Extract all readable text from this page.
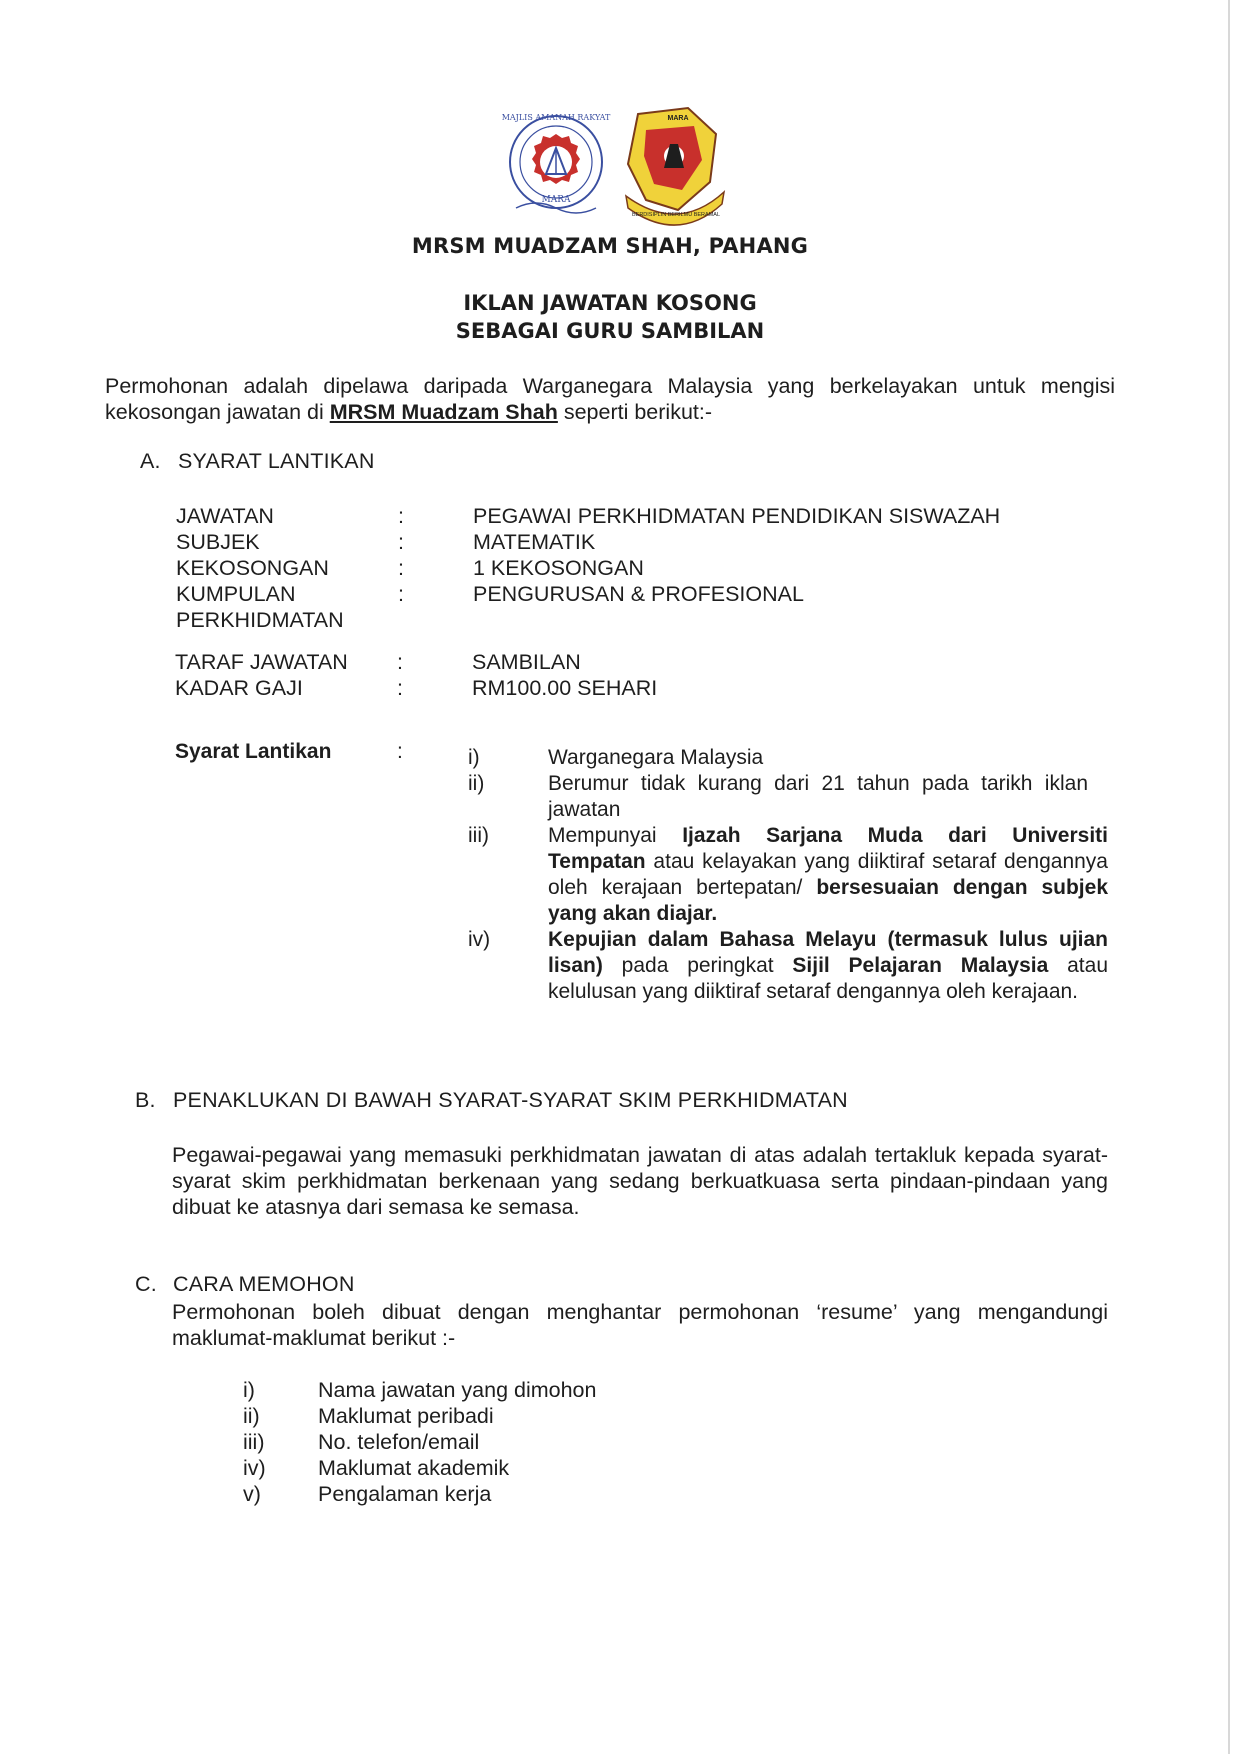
MAJLIS AMANAH RAKYAT
MARA
MARA
BERDISIPLIN BERILMU BERAMAL
MRSM MUADZAM SHAH, PAHANG
IKLAN JAWATAN KOSONG
SEBAGAI GURU SAMBILAN
Permohonan adalah dipelawa daripada Warganegara Malaysia yang berkelayakan untuk mengisi kekosongan jawatan di MRSM Muadzam Shah seperti berikut:-
A. SYARAT LANTIKAN
JAWATAN	:	PEGAWAI PERKHIDMATAN PENDIDIKAN SISWAZAH
SUBJEK	:	MATEMATIK
KEKOSONGAN	:	1 KEKOSONGAN
KUMPULAN	:	PENGURUSAN & PROFESIONAL
PERKHIDMATAN
TARAF JAWATAN	:	SAMBILAN
KADAR GAJI	:	RM100.00 SEHARI
Syarat Lantikan	:	i)	Warganegara Malaysia
ii)	Berumur tidak kurang dari 21 tahun pada tarikh iklan jawatan
iii)	Mempunyai Ijazah Sarjana Muda dari Universiti Tempatan atau kelayakan yang diiktiraf setaraf dengannya oleh kerajaan bertepatan/ bersesuaian dengan subjek yang akan diajar.
iv)	Kepujian dalam Bahasa Melayu (termasuk lulus ujian lisan) pada peringkat Sijil Pelajaran Malaysia atau kelulusan yang diiktiraf setaraf dengannya oleh kerajaan.
B. PENAKLUKAN DI BAWAH SYARAT-SYARAT SKIM PERKHIDMATAN
Pegawai-pegawai yang memasuki perkhidmatan jawatan di atas adalah tertakluk kepada syarat-syarat skim perkhidmatan berkenaan yang sedang berkuatkuasa serta pindaan-pindaan yang dibuat ke atasnya dari semasa ke semasa.
C. CARA MEMOHON
Permohonan boleh dibuat dengan menghantar permohonan ‘resume’ yang mengandungi maklumat-maklumat berikut :-
i)	Nama jawatan yang dimohon
ii)	Maklumat peribadi
iii) No. telefon/email
iv) Maklumat akademik
v)	Pengalaman kerja
